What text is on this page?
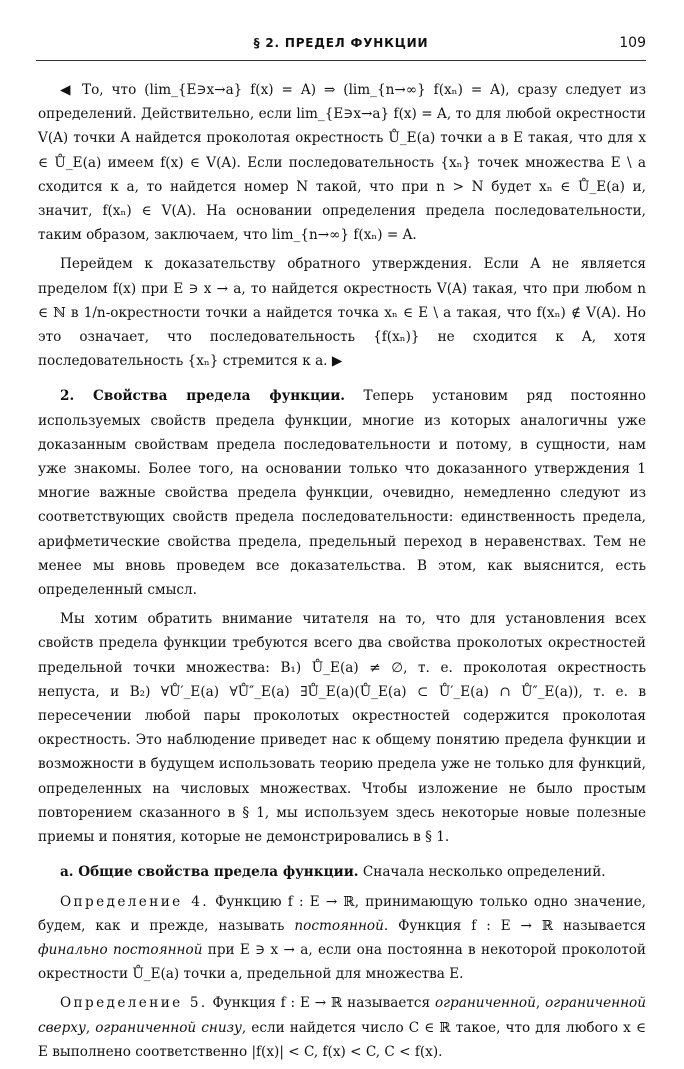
§ 2. ПРЕДЕЛ ФУНКЦИИ	109

◀ То, что (lim_{E∋x→a} f(x) = A) ⇒ (lim_{n→∞} f(xₙ) = A), сразу следует из определений. Действительно, если lim_{E∋x→a} f(x) = A, то для любой окрестности V(A) точки A найдется проколотая окрестность Ů_E(a) точки a в E такая, что для x ∈ Ů_E(a) имеем f(x) ∈ V(A). Если последовательность {xₙ} точек множества E \ a сходится к a, то найдется номер N такой, что при n > N будет xₙ ∈ Ů_E(a) и, значит, f(xₙ) ∈ V(A). На основании определения предела последовательности, таким образом, заключаем, что lim_{n→∞} f(xₙ) = A.

Перейдем к доказательству обратного утверждения. Если A не является пределом f(x) при E ∋ x → a, то найдется окрестность V(A) такая, что при любом n ∈ ℕ в 1/n-окрестности точки a найдется точка xₙ ∈ E \ a такая, что f(xₙ) ∉ V(A). Но это означает, что последовательность {f(xₙ)} не сходится к A, хотя последовательность {xₙ} стремится к a. ▶

2. Свойства предела функции. Теперь установим ряд постоянно используемых свойств предела функции, многие из которых аналогичны уже доказанным свойствам предела последовательности и потому, в сущности, нам уже знакомы. Более того, на основании только что доказанного утверждения 1 многие важные свойства предела функции, очевидно, немедленно следуют из соответствующих свойств предела последовательности: единственность предела, арифметические свойства предела, предельный переход в неравенствах. Тем не менее мы вновь проведем все доказательства. В этом, как выяснится, есть определенный смысл.

Мы хотим обратить внимание читателя на то, что для установления всех свойств предела функции требуются всего два свойства проколотых окрестностей предельной точки множества: B₁) Ů_E(a) ≠ ∅, т. е. проколотая окрестность непуста, и B₂) ∀Ů′_E(a) ∀Ů″_E(a) ∃Ů_E(a)(Ů_E(a) ⊂ Ů′_E(a) ∩ Ů″_E(a)), т. е. в пересечении любой пары проколотых окрестностей содержится проколотая окрестность. Это наблюдение приведет нас к общему понятию предела функции и возможности в будущем использовать теорию предела уже не только для функций, определенных на числовых множествах. Чтобы изложение не было простым повторением сказанного в § 1, мы используем здесь некоторые новые полезные приемы и понятия, которые не демонстрировались в § 1.

a. Общие свойства предела функции. Сначала несколько определений.

Определение 4. Функцию f : E → ℝ, принимающую только одно значение, будем, как и прежде, называть постоянной. Функция f : E → ℝ называется финально постоянной при E ∋ x → a, если она постоянна в некоторой проколотой окрестности Ů_E(a) точки a, предельной для множества E.

Определение 5. Функция f : E → ℝ называется ограниченной, ограниченной сверху, ограниченной снизу, если найдется число C ∈ ℝ такое, что для любого x ∈ E выполнено соответственно |f(x)| < C, f(x) < C, C < f(x).
